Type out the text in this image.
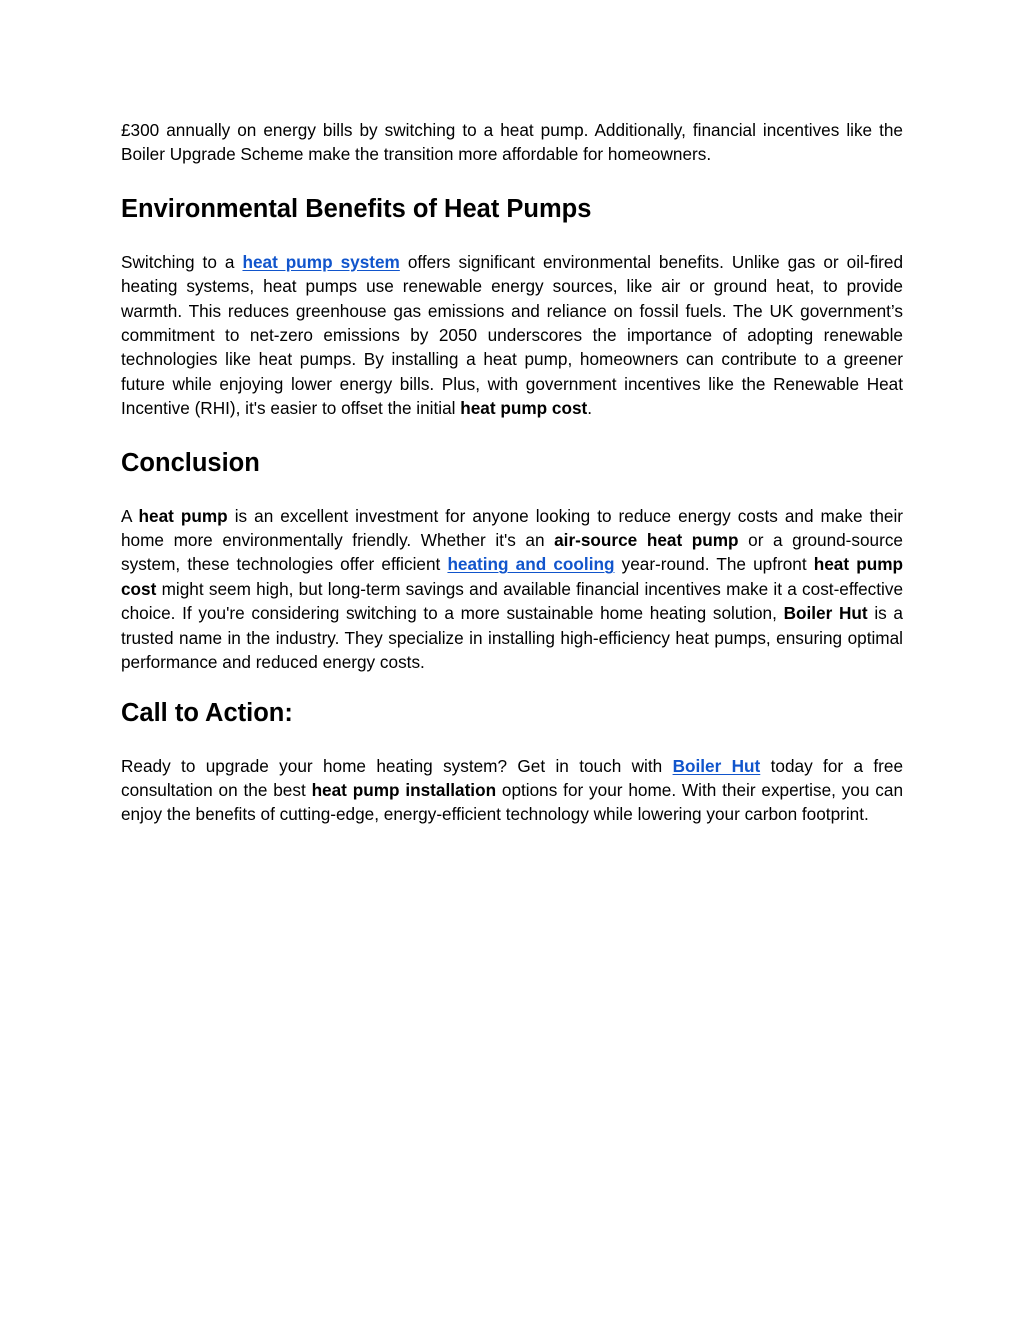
£300 annually on energy bills by switching to a heat pump. Additionally, financial incentives like the Boiler Upgrade Scheme make the transition more affordable for homeowners.

Environmental Benefits of Heat Pumps

Switching to a heat pump system offers significant environmental benefits. Unlike gas or oil-fired heating systems, heat pumps use renewable energy sources, like air or ground heat, to provide warmth. This reduces greenhouse gas emissions and reliance on fossil fuels. The UK government’s commitment to net-zero emissions by 2050 underscores the importance of adopting renewable technologies like heat pumps. By installing a heat pump, homeowners can contribute to a greener future while enjoying lower energy bills. Plus, with government incentives like the Renewable Heat Incentive (RHI), it's easier to offset the initial heat pump cost.

Conclusion

A heat pump is an excellent investment for anyone looking to reduce energy costs and make their home more environmentally friendly. Whether it's an air-source heat pump or a ground-source system, these technologies offer efficient heating and cooling year-round. The upfront heat pump cost might seem high, but long-term savings and available financial incentives make it a cost-effective choice. If you're considering switching to a more sustainable home heating solution, Boiler Hut is a trusted name in the industry. They specialize in installing high-efficiency heat pumps, ensuring optimal performance and reduced energy costs.

Call to Action:

Ready to upgrade your home heating system? Get in touch with Boiler Hut today for a free consultation on the best heat pump installation options for your home. With their expertise, you can enjoy the benefits of cutting-edge, energy-efficient technology while lowering your carbon footprint.
